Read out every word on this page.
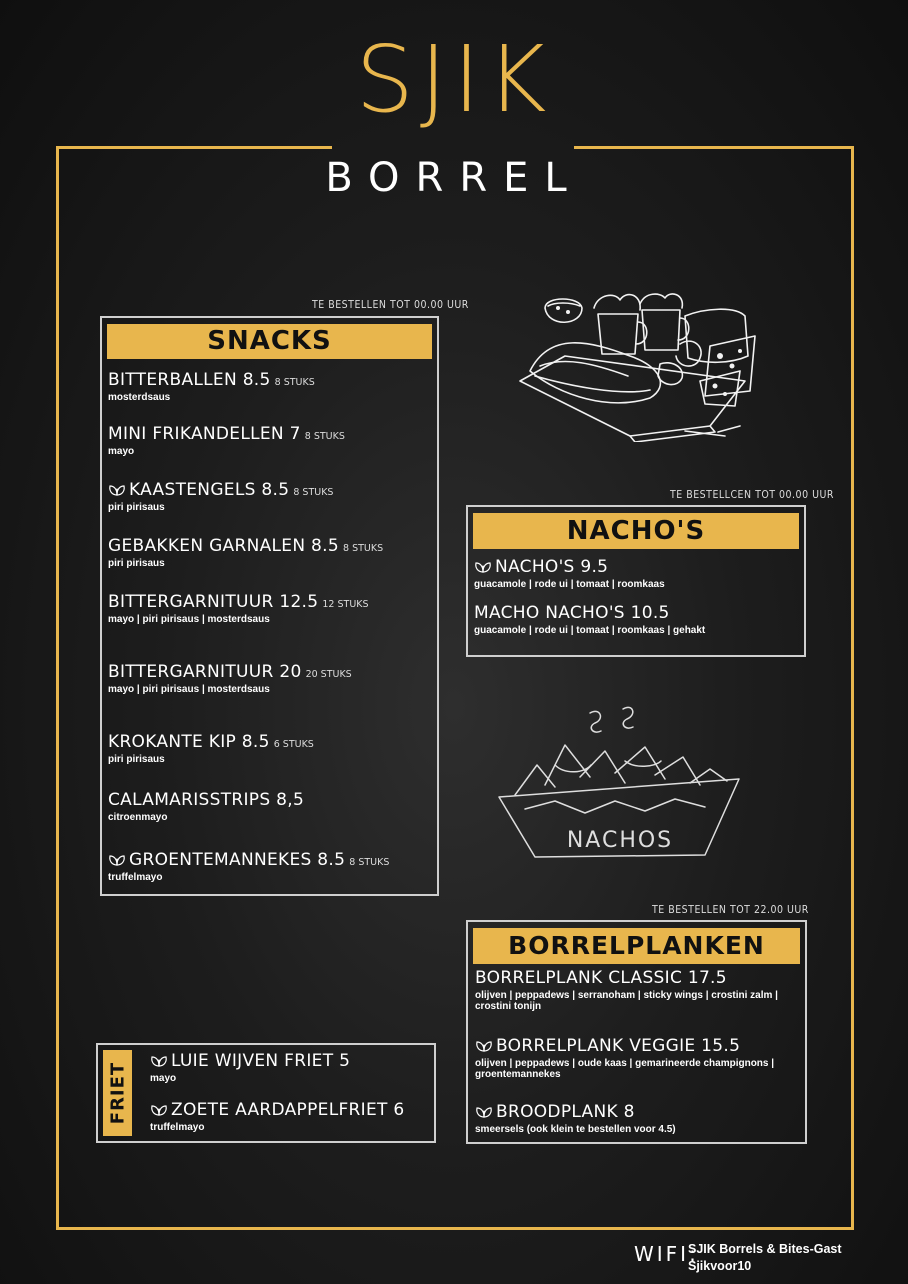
SJIK
BORREL
TE BESTELLEN TOT 00.00 UUR
SNACKS
BITTERBALLEN 8.5 8 STUKS
mosterdsaus
MINI FRIKANDELLEN 7 8 STUKS
mayo
KAASTENGELS 8.5 8 STUKS
piri pirisaus
GEBAKKEN GARNALEN 8.5 8 STUKS
piri pirisaus
BITTERGARNITUUR 12.5 12 STUKS
mayo | piri pirisaus | mosterdsaus
BITTERGARNITUUR 20 20 STUKS
mayo | piri pirisaus | mosterdsaus
KROKANTE KIP 8.5 6 STUKS
piri pirisaus
CALAMARISSTRIPS 8,5
citroenmayo
GROENTEMANNEKES 8.5 8 STUKS
truffelmayo
TE BESTELLCEN TOT 00.00 UUR
NACHO'S
NACHO'S 9.5
guacamole | rode ui | tomaat | roomkaas
MACHO NACHO'S 10.5
guacamole | rode ui | tomaat | roomkaas | gehakt
NACHOS
TE BESTELLEN TOT 22.00 UUR
BORRELPLANKEN
BORRELPLANK CLASSIC 17.5
olijven | peppadews | serranoham | sticky wings | crostini zalm | crostini tonijn
BORRELPLANK VEGGIE 15.5
olijven | peppadews | oude kaas | gemarineerde champignons | groentemannekes
BROODPLANK 8
smeersels (ook klein te bestellen voor 4.5)
FRIET
LUIE WIJVEN FRIET 5
mayo
ZOETE AARDAPPELFRIET 6
truffelmayo
WIFI:
SJIK Borrels & Bites-Gast
Sjikvoor10
